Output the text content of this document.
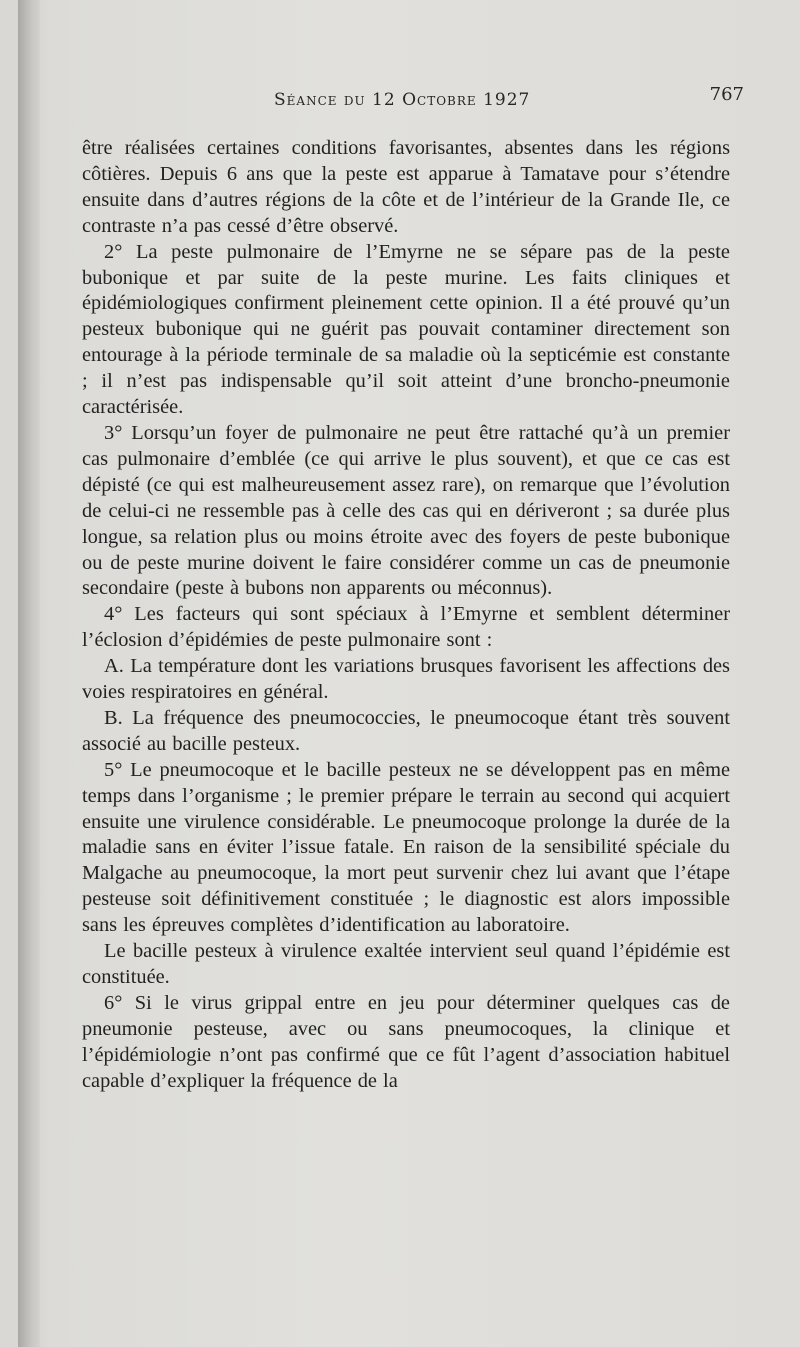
Séance du 12 Octobre 1927	767

être réalisées certaines conditions favorisantes, absentes dans les régions côtières. Depuis 6 ans que la peste est apparue à Tamatave pour s’étendre ensuite dans d’autres régions de la côte et de l’intérieur de la Grande Ile, ce contraste n’a pas cessé d’être observé.

2° La peste pulmonaire de l’Emyrne ne se sépare pas de la peste bubonique et par suite de la peste murine. Les faits cliniques et épidémiologiques confirment pleinement cette opinion. Il a été prouvé qu’un pesteux bubonique qui ne guérit pas pouvait contaminer directement son entourage à la période terminale de sa maladie où la septicémie est constante ; il n’est pas indispensable qu’il soit atteint d’une broncho-pneumonie caractérisée.

3° Lorsqu’un foyer de pulmonaire ne peut être rattaché qu’à un premier cas pulmonaire d’emblée (ce qui arrive le plus souvent), et que ce cas est dépisté (ce qui est malheureusement assez rare), on remarque que l’évolution de celui-ci ne ressemble pas à celle des cas qui en dériveront ; sa durée plus longue, sa relation plus ou moins étroite avec des foyers de peste bubonique ou de peste murine doivent le faire considérer comme un cas de pneumonie secondaire (peste à bubons non apparents ou méconnus).

4° Les facteurs qui sont spéciaux à l’Emyrne et semblent déterminer l’éclosion d’épidémies de peste pulmonaire sont :

A. La température dont les variations brusques favorisent les affections des voies respiratoires en général.

B. La fréquence des pneumococcies, le pneumocoque étant très souvent associé au bacille pesteux.

5° Le pneumocoque et le bacille pesteux ne se développent pas en même temps dans l’organisme ; le premier prépare le terrain au second qui acquiert ensuite une virulence considérable. Le pneumocoque prolonge la durée de la maladie sans en éviter l’issue fatale. En raison de la sensibilité spéciale du Malgache au pneumocoque, la mort peut survenir chez lui avant que l’étape pesteuse soit définitivement constituée ; le diagnostic est alors impossible sans les épreuves complètes d’identification au laboratoire.

Le bacille pesteux à virulence exaltée intervient seul quand l’épidémie est constituée.

6° Si le virus grippal entre en jeu pour déterminer quelques cas de pneumonie pesteuse, avec ou sans pneumocoques, la clinique et l’épidémiologie n’ont pas confirmé que ce fût l’agent d’association habituel capable d’expliquer la fréquence de la
